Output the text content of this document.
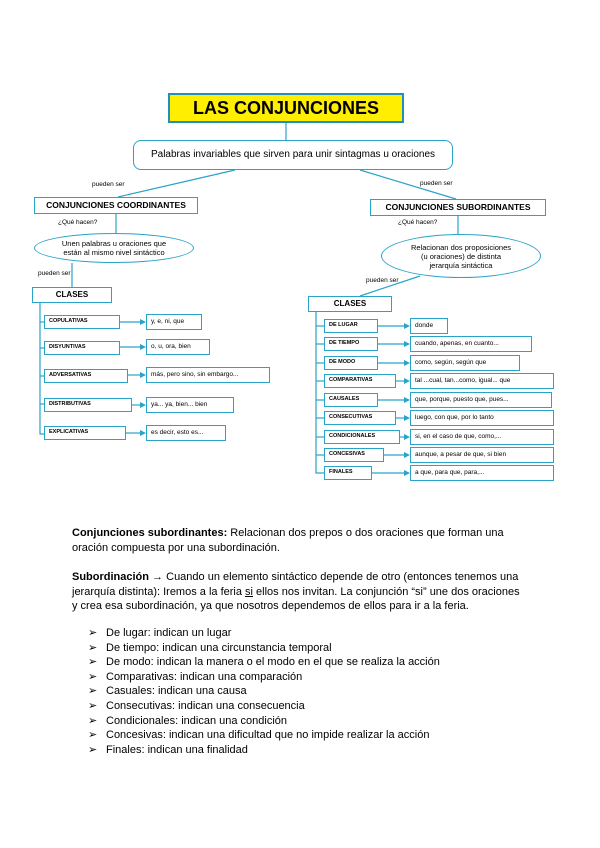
LAS CONJUNCIONES
Palabras invariables que sirven para unir sintagmas u oraciones
pueden ser	pueden ser
CONJUNCIONES COORDINANTES
¿Qué hacen?
Unen palabras u oraciones que
están al mismo nivel sintáctico
pueden ser
CLASES
COPULATIVAS
DISYUNTIVAS
ADVERSATIVAS
DISTRIBUTIVAS
EXPLICATIVAS
y, e, ni, que
o, u, ora, bien
más, pero sino, sin embargo...
ya... ya, bien... bien
es decir, esto es...
CONJUNCIONES SUBORDINANTES
¿Qué hacen?
Relacionan dos proposiciones
(u oraciones) de distinta
jerarquía sintáctica
pueden ser
CLASES
DE LUGAR
DE TIEMPO
DE MODO
COMPARATIVAS
CAUSALES
CONSECUTIVAS
CONDICIONALES
CONCESIVAS
FINALES
donde
cuando, apenas, en cuanto...
como, según, según que
tal ...cual, tan...como, igual... que
que, porque, puesto que, pues...
luego, con que, por lo tanto
si, en el caso de que, como,...
aunque, a pesar de que, si bien
a que, para que, para,...
Conjunciones subordinantes: Relacionan dos prepos o dos oraciones que forman una oración compuesta por una subordinación.
Subordinación → Cuando un elemento sintáctico depende de otro (entonces tenemos una jerarquía distinta): Iremos a la feria si ellos nos invitan. La conjunción “si” une dos oraciones y crea esa subordinación, ya que nosotros dependemos de ellos para ir a la feria.
➢ De lugar: indican un lugar
➢ De tiempo: indican una circunstancia temporal
➢ De modo: indican la manera o el modo en el que se realiza la acción
➢ Comparativas: indican una comparación
➢ Casuales: indican una causa
➢ Consecutivas: indican una consecuencia
➢ Condicionales: indican una condición
➢ Concesivas: indican una dificultad que no impide realizar la acción
➢ Finales: indican una finalidad
